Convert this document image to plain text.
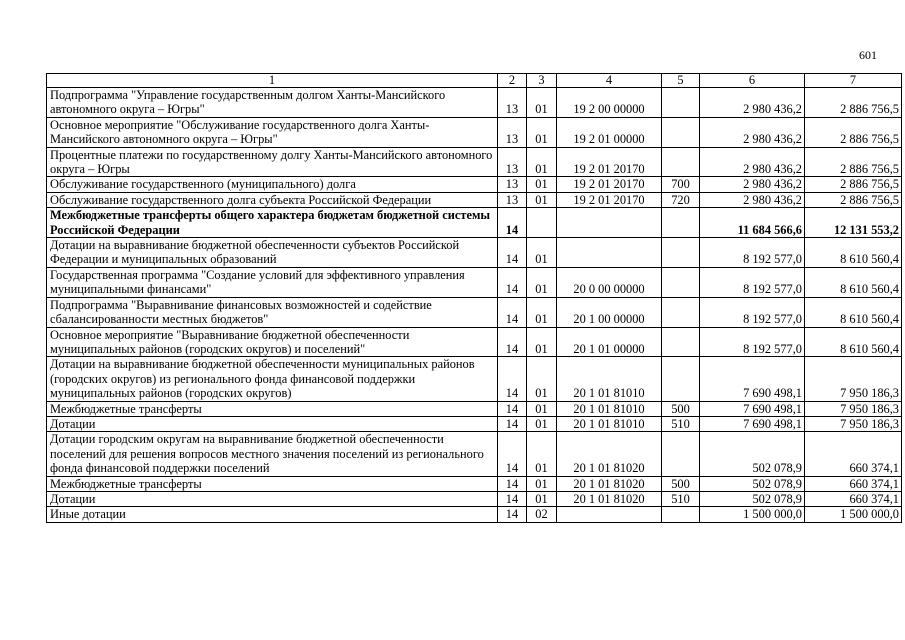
601
1	2	3	4	5	6	7
Подпрограмма "Управление государственным долгом Ханты-Мансийского автономного округа – Югры"	13	01	19 2 00 00000		2 980 436,2	2 886 756,5
Основное мероприятие "Обслуживание государственного долга Ханты-Мансийского автономного округа – Югры"	13	01	19 2 01 00000		2 980 436,2	2 886 756,5
Процентные платежи по государственному долгу Ханты-Мансийского автономного округа – Югры	13	01	19 2 01 20170		2 980 436,2	2 886 756,5
Обслуживание государственного (муниципального) долга	13	01	19 2 01 20170	700	2 980 436,2	2 886 756,5
Обслуживание государственного долга субъекта Российской Федерации	13	01	19 2 01 20170	720	2 980 436,2	2 886 756,5
Межбюджетные трансферты общего характера бюджетам бюджетной системы Российской Федерации	14				11 684 566,6	12 131 553,2
Дотации на выравнивание бюджетной обеспеченности субъектов Российской Федерации и муниципальных образований	14	01			8 192 577,0	8 610 560,4
Государственная программа "Создание условий для эффективного управления муниципальными финансами"	14	01	20 0 00 00000		8 192 577,0	8 610 560,4
Подпрограмма "Выравнивание финансовых возможностей и содействие сбалансированности местных бюджетов"	14	01	20 1 00 00000		8 192 577,0	8 610 560,4
Основное мероприятие "Выравнивание бюджетной обеспеченности муниципальных районов (городских округов) и поселений"	14	01	20 1 01 00000		8 192 577,0	8 610 560,4
Дотации на выравнивание бюджетной обеспеченности муниципальных районов (городских округов) из регионального фонда финансовой поддержки муниципальных районов (городских округов)	14	01	20 1 01 81010		7 690 498,1	7 950 186,3
Межбюджетные трансферты	14	01	20 1 01 81010	500	7 690 498,1	7 950 186,3
Дотации	14	01	20 1 01 81010	510	7 690 498,1	7 950 186,3
Дотации городским округам на выравнивание бюджетной обеспеченности поселений для решения вопросов местного значения поселений из регионального фонда финансовой поддержки поселений	14	01	20 1 01 81020		502 078,9	660 374,1
Межбюджетные трансферты	14	01	20 1 01 81020	500	502 078,9	660 374,1
Дотации	14	01	20 1 01 81020	510	502 078,9	660 374,1
Иные дотации	14	02			1 500 000,0	1 500 000,0
